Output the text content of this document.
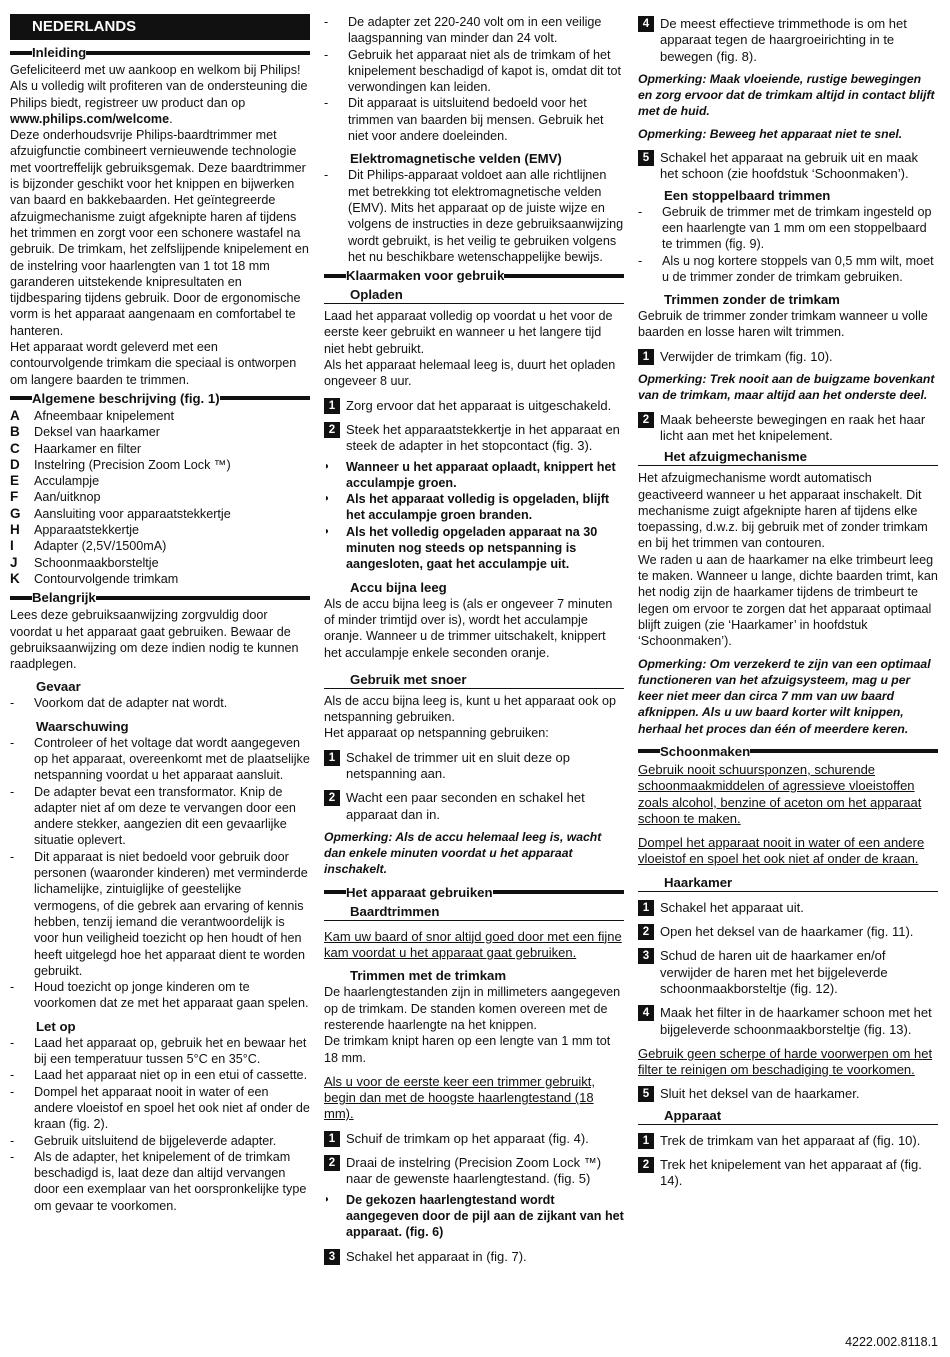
NEDERLANDS
Inleiding

Gefeliciteerd met uw aankoop en welkom bij Philips! Als u volledig wilt profiteren van de ondersteuning die Philips biedt, registreer uw product dan op www.philips.com/welcome.

Deze onderhoudsvrije Philips-baardtrimmer met afzuigfunctie combineert vernieuwende technologie met voortreffelijk gebruiksgemak. Deze baardtrimmer is bijzonder geschikt voor het knippen en bijwerken van baard en bakkebaarden. Het geïntegreerde afzuigmechanisme zuigt afgeknipte haren af tijdens het trimmen en zorgt voor een schonere wastafel na gebruik. De trimkam, het zelfslijpende knipelement en de instelring voor haarlengten van 1 tot 18 mm garanderen uitstekende knipresultaten en tijdbesparing tijdens gebruik. Door de ergonomische vorm is het apparaat aangenaam en comfortabel te hanteren.

Het apparaat wordt geleverd met een contourvolgende trimkam die speciaal is ontworpen om langere baarden te trimmen.

Algemene beschrijving (fig. 1)
A	Afneembaar knipelement
B	Deksel van haarkamer
C	Haarkamer en filter
D	Instelring (Precision Zoom Lock ™)
E	Acculampje
F	Aan/uitknop
G	Aansluiting voor apparaatstekkertje
H	Apparaatstekkertje
I	Adapter (2,5V/1500mA)
J	Schoonmaakborsteltje
K	Contourvolgende trimkam
Belangrijk

Lees deze gebruiksaanwijzing zorgvuldig door voordat u het apparaat gaat gebruiken. Bewaar de gebruiksaanwijzing om deze indien nodig te kunnen raadplegen.

Gevaar
-	Voorkom dat de adapter nat wordt.
Waarschuwing
-	Controleer of het voltage dat wordt aangegeven op het apparaat, overeenkomt met de plaatselijke netspanning voordat u het apparaat aansluit.
-	De adapter bevat een transformator. Knip de adapter niet af om deze te vervangen door een andere stekker, aangezien dit een gevaarlijke situatie oplevert.
-	Dit apparaat is niet bedoeld voor gebruik door personen (waaronder kinderen) met verminderde lichamelijke, zintuiglijke of geestelijke vermogens, of die gebrek aan ervaring of kennis hebben, tenzij iemand die verantwoordelijk is voor hun veiligheid toezicht op hen houdt of hen heeft uitgelegd hoe het apparaat dient te worden gebruikt.
-	Houd toezicht op jonge kinderen om te voorkomen dat ze met het apparaat gaan spelen.
Let op
-	Laad het apparaat op, gebruik het en bewaar het bij een temperatuur tussen 5°C en 35°C.
-	Laad het apparaat niet op in een etui of cassette.
-	Dompel het apparaat nooit in water of een andere vloeistof en spoel het ook niet af onder de kraan (fig. 2).
-	Gebruik uitsluitend de bijgeleverde adapter.
-	Als de adapter, het knipelement of de trimkam beschadigd is, laat deze dan altijd vervangen door een exemplaar van het oorspronkelijke type om gevaar te voorkomen.
-	De adapter zet 220-240 volt om in een veilige laagspanning van minder dan 24 volt.
-	Gebruik het apparaat niet als de trimkam of het knipelement beschadigd of kapot is, omdat dit tot verwondingen kan leiden.
-	Dit apparaat is uitsluitend bedoeld voor het trimmen van baarden bij mensen. Gebruik het niet voor andere doeleinden.
Elektromagnetische velden (EMV)
-	Dit Philips-apparaat voldoet aan alle richtlijnen met betrekking tot elektromagnetische velden (EMV). Mits het apparaat op de juiste wijze en volgens de instructies in deze gebruiksaanwijzing wordt gebruikt, is het veilig te gebruiken volgens het nu beschikbare wetenschappelijke bewijs.
Klaarmaken voor gebruik
Opladen

Laad het apparaat volledig op voordat u het voor de eerste keer gebruikt en wanneer u het langere tijd niet hebt gebruikt.

Als het apparaat helemaal leeg is, duurt het opladen ongeveer 8 uur.

1 Zorg ervoor dat het apparaat is uitgeschakeld.
2 Steek het apparaatstekkertje in het apparaat en steek de adapter in het stopcontact (fig. 3).
◗	Wanneer u het apparaat oplaadt, knippert het acculampje groen.
◗	Als het apparaat volledig is opgeladen, blijft het acculampje groen branden.
◗	Als het volledig opgeladen apparaat na 30 minuten nog steeds op netspanning is aangesloten, gaat het acculampje uit.
Accu bijna leeg

Als de accu bijna leeg is (als er ongeveer 7 minuten of minder trimtijd over is), wordt het acculampje oranje. Wanneer u de trimmer uitschakelt, knippert het acculampje enkele seconden oranje.

Gebruik met snoer

Als de accu bijna leeg is, kunt u het apparaat ook op netspanning gebruiken.

Het apparaat op netspanning gebruiken:

1 Schakel de trimmer uit en sluit deze op netspanning aan.
2 Wacht een paar seconden en schakel het apparaat dan in.

Opmerking: Als de accu helemaal leeg is, wacht dan enkele minuten voordat u het apparaat inschakelt.

Het apparaat gebruiken
Baardtrimmen

Kam uw baard of snor altijd goed door met een fijne kam voordat u het apparaat gaat gebruiken.

Trimmen met de trimkam

De haarlengtestanden zijn in millimeters aangegeven op de trimkam. De standen komen overeen met de resterende haarlengte na het knippen.

De trimkam knipt haren op een lengte van 1 mm tot 18 mm.

Als u voor de eerste keer een trimmer gebruikt, begin dan met de hoogste haarlengtestand (18 mm).

1 Schuif de trimkam op het apparaat (fig. 4).
2 Draai de instelring (Precision Zoom Lock ™) naar de gewenste haarlengtestand. (fig. 5)
◗	De gekozen haarlengtestand wordt aangegeven door de pijl aan de zijkant van het apparaat. (fig. 6)
3 Schakel het apparaat in (fig. 7).
4 De meest effectieve trimmethode is om het apparaat tegen de haargroeirichting in te bewegen (fig. 8).

Opmerking: Maak vloeiende, rustige bewegingen en zorg ervoor dat de trimkam altijd in contact blijft met de huid.

Opmerking: Beweeg het apparaat niet te snel.

5 Schakel het apparaat na gebruik uit en maak het schoon (zie hoofdstuk ‘Schoonmaken’).
Een stoppelbaard trimmen
-	Gebruik de trimmer met de trimkam ingesteld op een haarlengte van 1 mm om een stoppelbaard te trimmen (fig. 9).
-	Als u nog kortere stoppels van 0,5 mm wilt, moet u de trimmer zonder de trimkam gebruiken.
Trimmen zonder de trimkam

Gebruik de trimmer zonder trimkam wanneer u volle baarden en losse haren wilt trimmen.

1 Verwijder de trimkam (fig. 10).

Opmerking: Trek nooit aan de buigzame bovenkant van de trimkam, maar altijd aan het onderste deel.

2 Maak beheerste bewegingen en raak het haar licht aan met het knipelement.
Het afzuigmechanisme

Het afzuigmechanisme wordt automatisch geactiveerd wanneer u het apparaat inschakelt. Dit mechanisme zuigt afgeknipte haren af tijdens elke toepassing, d.w.z. bij gebruik met of zonder trimkam en bij het trimmen van contouren.

We raden u aan de haarkamer na elke trimbeurt leeg te maken. Wanneer u lange, dichte baarden trimt, kan het nodig zijn de haarkamer tijdens de trimbeurt te legen om ervoor te zorgen dat het apparaat optimaal blijft zuigen (zie ‘Haarkamer’ in hoofdstuk ‘Schoonmaken’).

Opmerking: Om verzekerd te zijn van een optimaal functioneren van het afzuigsysteem, mag u per keer niet meer dan circa 7 mm van uw baard afknippen. Als u uw baard korter wilt knippen, herhaal het proces dan één of meerdere keren.

Schoonmaken

Gebruik nooit schuursponzen, schurende schoonmaakmiddelen of agressieve vloeistoffen zoals alcohol, benzine of aceton om het apparaat schoon te maken.

Dompel het apparaat nooit in water of een andere vloeistof en spoel het ook niet af onder de kraan.

Haarkamer
1 Schakel het apparaat uit.
2 Open het deksel van de haarkamer (fig. 11).
3 Schud de haren uit de haarkamer en/of verwijder de haren met het bijgeleverde schoonmaakborsteltje (fig. 12).
4 Maak het filter in de haarkamer schoon met het bijgeleverde schoonmaakborsteltje (fig. 13).

Gebruik geen scherpe of harde voorwerpen om het filter te reinigen om beschadiging te voorkomen.

5 Sluit het deksel van de haarkamer.
Apparaat
1 Trek de trimkam van het apparaat af (fig. 10).
2 Trek het knipelement van het apparaat af (fig. 14).
4222.002.8118.1
